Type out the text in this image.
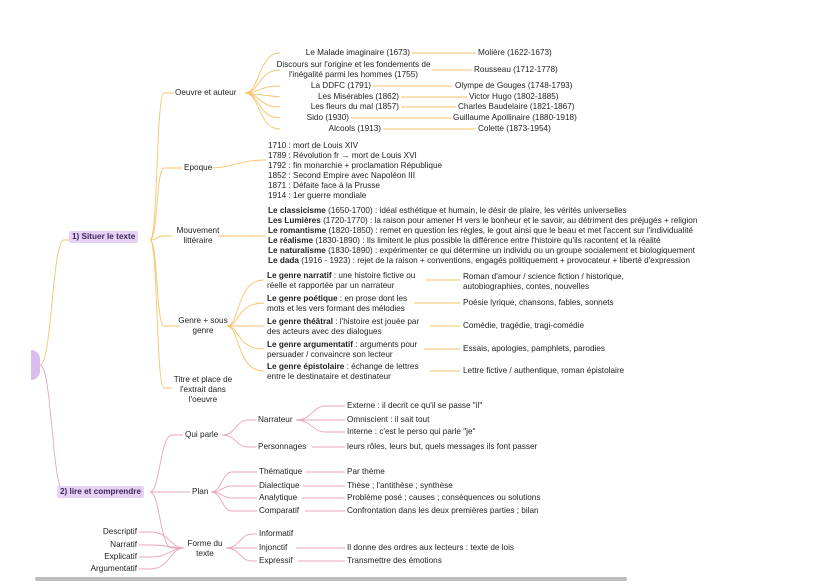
1) Situer le texte
Oeuvre et auteur
Le Malade imaginaire (1673)
Discours sur l'origine et les fondements de l'inégalité parmi les hommes (1755)
La DDFC (1791)
Les Misérables (1862)
Les fleurs du mal (1857)
Sido (1930)
Alcools (1913)
Molière (1622-1673)
Rousseau (1712-1778)
Olympe de Gouges (1748-1793)
Victor Hugo (1802-1885)
Charles Baudelaire (1821-1867)
Guillaume Apollinaire (1880-1918)
Colette (1873-1954)
Epoque
1710 : mort de Louis XIV
1789 : Révolution fr → mort de Louis XVI
1792 : fin monarchie + proclamation République
1852 : Second Empire avec Napoléon III
1871 : Défaite face à la Prusse
1914 : 1er guerre mondiale
Mouvement littéraire
Le classicisme (1650-1700) : idéal esthétique et humain, le désir de plaire, les vérités universelles
Les Lumières (1720-1770) : la raison pour amener H vers le bonheur et le savoir, au détriment des préjugés + religion
Le romantisme (1820-1850) : remet en question les règles, le gout ainsi que le beau et met l'accent sur l'individualité
Le réalisme (1830-1890) : Ils limitent le plus possible la différence entre l'histoire qu'ils racontent et la réalité
Le naturalisme (1830-1890) : expérimenter ce qui détermine un individu ou un groupe socialement et biologiquement
Le dada (1916 - 1923) : rejet de la raison + conventions, engagés politiquement + provocateur + liberté d'expression
Genre + sous genre
Le genre narratif : une histoire fictive ou réelle et rapportée par un narrateur
Le genre poétique : en prose dont les mots et les vers formant des mélodies
Le genre théâtral : l'histoire est jouée par des acteurs avec des dialogues
Le genre argumentatif : arguments pour persuader / convaincre son lecteur
Le genre épistolaire : échange de lettres entre le destinataire et destinateur
Roman d'amour / science fiction / historique, autobiographies, contes, nouvelles
Poésie lyrique, chansons, fables, sonnets
Comédie, tragédie, tragi-comédie
Essais, apologies, pamphlets, parodies
Lettre fictive / authentique, roman épistolaire
Titre et place de l'extrait dans l'oeuvre
2) lire et comprendre
Qui parle
Narrateur
Externe : il decrit ce qu'il se passe "il"
Omniscient : il sait tout
Interne : c'est le perso qui parle "je"
Personnages	leurs rôles, leurs but, quels messages ils font passer
Plan
Thématique
Dialectique
Analytique
Comparatif
Par thème
Thèse ; l'antithèse ; synthèse
Problème posé ; causes ; conséquences ou solutions
Confrontation dans les deux premières parties ; bilan
Forme du texte
Descriptif
Narratif
Explicatif
Argumentatif
Informatif
Injonctif
Expressif
Il donne des ordres aux lecteurs : texte de lois
Transmettre des émotions
